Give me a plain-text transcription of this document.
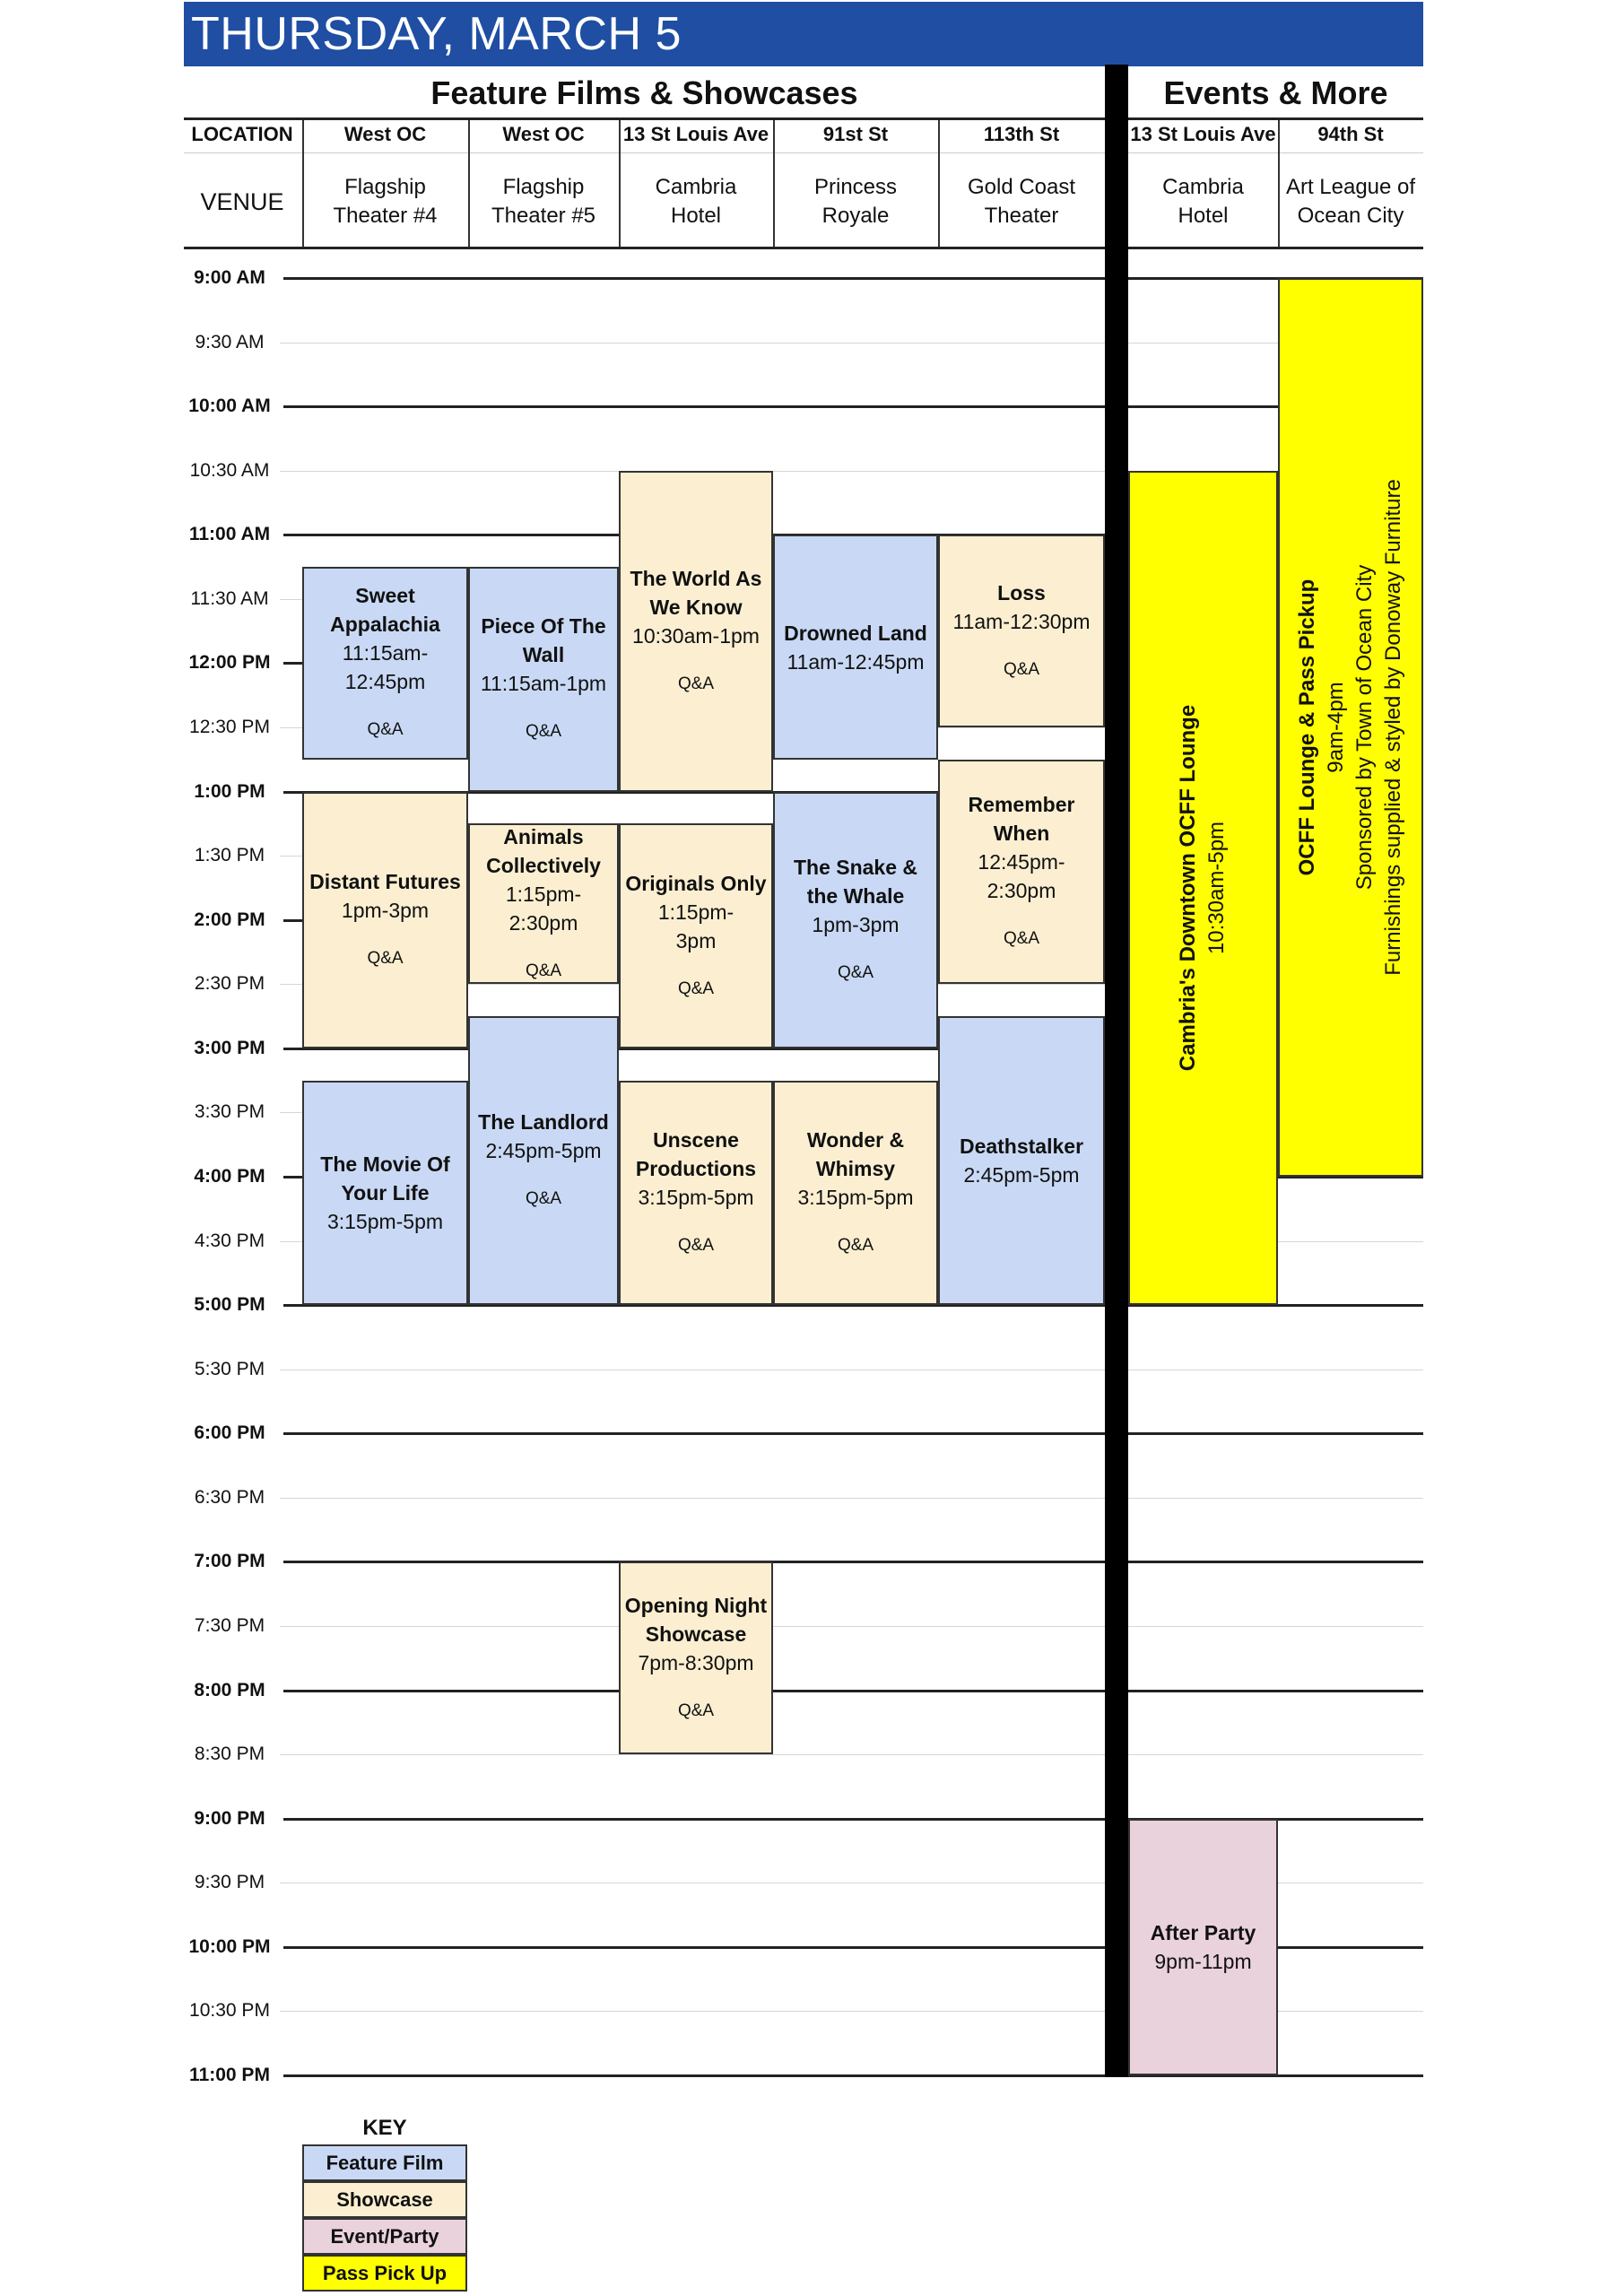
THURSDAY, MARCH 5
Feature Films & Showcases	Events & More
LOCATION
VENUE
West OC
Flagship
Theater #4
West OC
Flagship
Theater #5
13 St Louis Ave
Cambria
Hotel
91st St
Princess
Royale
113th St
Gold Coast
Theater
13 St Louis Ave
Cambria
Hotel
94th St
Art League of
Ocean City
9:00 AM
9:30 AM
10:00 AM
10:30 AM
11:00 AM
11:30 AM
12:00 PM
12:30 PM
1:00 PM
1:30 PM
2:00 PM
2:30 PM
3:00 PM
3:30 PM
4:00 PM
4:30 PM
5:00 PM
5:30 PM
6:00 PM
6:30 PM
7:00 PM
7:30 PM
8:00 PM
8:30 PM
9:00 PM
9:30 PM
10:00 PM
10:30 PM
11:00 PM
Sweet
Appalachia
11:15am-
12:45pm
Q&A
Piece Of The
Wall
11:15am-1pm
Q&A
The World As
We Know
10:30am-1pm
Q&A
Drowned Land
11am-12:45pm
Loss
11am-12:30pm
Q&A
Distant Futures
1pm-3pm
Q&A
Animals
Collectively
1:15pm-
2:30pm
Q&A
Originals Only
1:15pm-
3pm
Q&A
The Snake &
the Whale
1pm-3pm
Q&A
Remember
When
12:45pm-
2:30pm
Q&A
The Movie Of
Your Life
3:15pm-5pm
The Landlord
2:45pm-5pm
Q&A
Unscene
Productions
3:15pm-5pm
Q&A
Wonder &
Whimsy
3:15pm-5pm
Q&A
Deathstalker
2:45pm-5pm
Opening Night
Showcase
7pm-8:30pm
Q&A
After Party
9pm-11pm
Cambria's Downtown OCFF Lounge 10:30am-5pm
OCFF Lounge & Pass Pickup 9am-4pm Sponsored by Town of Ocean City Furnishings supplied & styled by Donoway Furniture
KEY
Feature Film
Showcase
Event/Party
Pass Pick Up
